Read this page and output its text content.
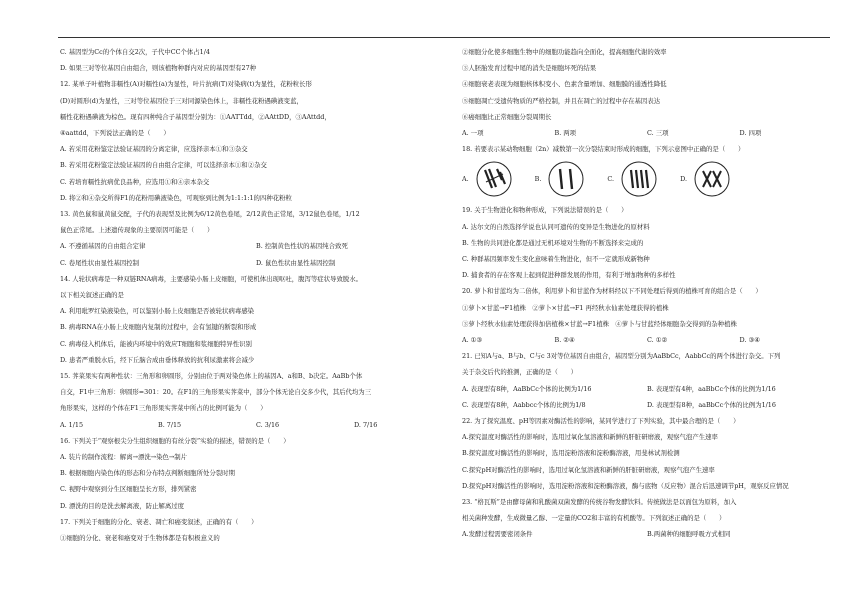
C. 基因型为Cc的个体自交2次，子代中CC个体占1/4
D. 如果三对等位基因自由组合，则该植物种群内对应的基因型有27种
12. 某单子叶植物非糯性(A)对糯性(a)为显性，叶片抗病(T)对染病(t)为显性，花粉粒长形
(D)对圆形(d)为显性，三对等位基因位于三对同源染色体上，非糯性花粉遇碘液变蓝，
糯性花粉遇碘液为棕色。现有四种纯合子基因型分别为：①AATTdd，②AAttDD，③AAttdd，
④aattdd，下列说法正确的是（　　）
A. 若采用花粉鉴定法验证基因的分离定律，应选择亲本①和③杂交
B. 若采用花粉鉴定法验证基因的自由组合定律，可以选择亲本①和②杂交
C. 若培育糯性抗病优良品种，应选用①和④亲本杂交
D. 将②和④杂交所得F1的花粉用碘液染色，可观察到比例为1:1:1:1的四种花粉粒
13. 黄色鼠和鼠黄鼠交配，子代的表现型及比例为6/12黄色卷尾，2/12黄色正常尾，3/12鼠色卷尾，1/12
鼠色正常尾。上述遗传现象的主要原因可能是（　　）
A. 不遵循基因的自由组合定律	B. 控制黄色性状的基因纯合致死
C. 卷尾性状由显性基因控制	D. 鼠色性状由显性基因控制
14. 人轮状病毒是一种双链RNA病毒，主要感染小肠上皮细胞，可使机体出现呕吐，腹泻等症状导致脱水。
以下相关叙述正确的是
A. 利用吡罗红染液染色，可以鉴别小肠上皮细胞是否被轮状病毒感染
B. 病毒RNA在小肠上皮细胞内复制的过程中，会有氢键的断裂和形成
C. 病毒侵入机体后，能被内环境中的效应T细胞和浆细胞特异性识别
D. 患者严重脱水后，经下丘脑合成由垂体释放的抗利尿激素将会减少
15. 荠菜果实有两种性状：三角形和卵圆形，分别由位于两对染色体上的基因A、a和B、b决定。AaBb个体
自交，F1中三角形：卵圆形=301：20。在F1的三角形果实荠菜中，部分个体无论自交多少代，其后代均为三
角形果实，这样的个体在F1三角形果实荠菜中所占的比例可能为（　　）
A. 1/15	B. 7/15	C. 3/16	D. 7/16
16. 下列关于“观察根尖分生组织细胞的有丝分裂”实验的描述，错误的是（　　）
A. 装片的制作流程：解离→漂洗→染色→制片
B. 根据细胞内染色体的形态和分布特点判断细胞所处分裂时期
C. 视野中观察到分生区细胞呈长方形，排列紧密
D. 漂洗的目的是洗去解离液，防止解离过度
17. 下列关于细胞的分化、衰老、凋亡和癌变叙述，正确的有（　　）
①细胞的分化、衰老和癌变对于生物体都是有积极意义的
②细胞分化使多细胞生物中的细胞功能趋向全面化，提高细胞代谢的效率
③人胚胎发育过程中尾的消失是细胞坏死的结果
④细胞衰老表现为细胞核体积变小、色素含量增加、细胞膜的通透性降低
⑤细胞凋亡受遗传物质的严格控制，并且在凋亡的过程中存在基因表达
⑥癌细胞比正常细胞分裂周期长
A. 一项	B. 两项	C. 三项	D. 四项
18. 若要表示某动物细胞（2n）减数第一次分裂结束时形成的细胞，下列示意图中正确的是（　　）
A.	B.	C.	D.
19. 关于生物进化和物种形成，下列说法错误的是（　　）
A. 达尔文的自然选择学说也认同可遗传的变异是生物进化的原材料
B. 生物的共同进化都是通过无机环境对生物的不断选择来完成的
C. 种群基因频率发生变化意味着生物进化，但不一定就形成新物种
D. 捕食者的存在客观上起到促进种群发展的作用，有利于增加物种的多样性
20. 萝卜和甘蓝均为二倍体，利用萝卜和甘蓝作为材料经以下不同处理后得到的植株可育的组合是（　　）
①萝卜×甘蓝→F1植株　②萝卜×甘蓝→F1 再经秋水仙素处理获得的植株
③萝卜经秋水仙素处理获得加倍植株×甘蓝→F1植株　④萝卜与甘蓝经体细胞杂交得到的杂种植株
A. ①③	B. ②④	C. ①②	D. ③④
21. 已知A与a、B与b、C与c 3对等位基因自由组合，基因型分别为AaBbCc，AabbCc的两个体进行杂交。下列
关于杂交后代的推测，正确的是（　　）
A. 表现型有8种，AaBbCc个体的比例为1/16	B. 表现型有4种，aaBbCc个体的比例为1/16
C. 表现型有8种，Aabbcc个体的比例为1/8	D. 表现型有8种，aaBbCc个体的比例为1/16
22. 为了探究温度、pH等因素对酶活性的影响，某同学进行了下列实验，其中最合理的是（　　）
A.探究温度对酶活性的影响时，选用过氧化氢溶液和新鲜的肝脏研磨液，观察气泡产生速率
B.探究温度对酶活性的影响时，选用淀粉溶液和淀粉酶溶液，用斐林试剂检测
C.探究pH对酶活性的影响时，选用过氧化氢溶液和新鲜的肝脏研磨液，观察气泡产生速率
D.探究pH对酶活性的影响时，选用淀粉溶液和淀粉酶溶液，酶与底物（反应物）混合后迅速调节pH，观察反应情况
23. “格瓦斯”是由酵母菌和乳酸菌双菌发酵的传统谷物发酵饮料。传统做法是以面包为原料，加入
相关菌种发酵，生成微量乙醇、一定量的CO2和丰富的有机酸等。下列叙述正确的是（　　）
A.发酵过程需要密闭条件	B.两菌种的细胞呼吸方式相同
